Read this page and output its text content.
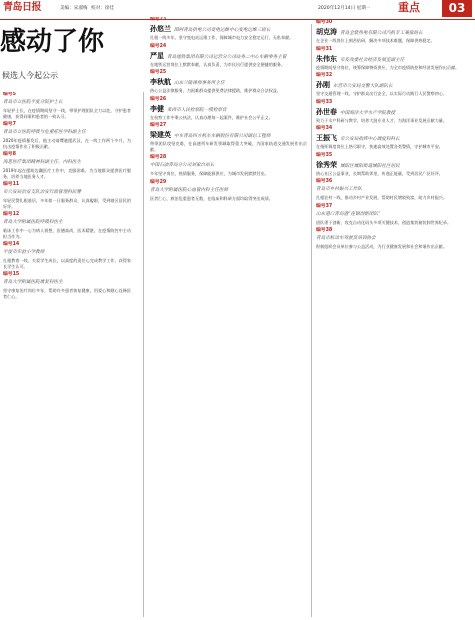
青岛日报	美编：宋淑梅 校对：徐佳	2020年12月14日 星期一	重点	03
感动了你
候选人今起公示
编号5
青岛市立医院平度分院护士长
年轻护士长，在疫情期间坚守一线，带领护理团队全力以赴，守护患者健康，获得同事和患者的一致认可。
编号7
青岛市立医院呼吸与危重症医学科副主任
2020年疫情暴发后，他主动请缨驰援武汉，在一线工作两个多月，为抗击疫情作出了积极贡献。
编号8
海思医疗集团精神科副主任、内科医生
2019年起在援助边疆医疗工作中，克服困难，为当地群众提供医疗服务，培养当地医务人才。
编号11
市公安局治安支队治安行政管理科民警
年轻民警扎根基层，多年如一日服务群众，认真履职，受到辖区居民的好评。
编号12
青岛大学附属医院呼吸科医生
临床工作中一心为病人着想，医德高尚，医术精湛，在疫情防控中主动担当作为。
编号14
平度市实验小学教师
扎根教育一线，关爱学生成长，以高度的责任心完成教学工作，获得家长学生认可。
编号15
青岛大学附属医院康复科医生
坚守康复治疗岗位多年，帮助许多患者恢复健康，用爱心和耐心诠释医者仁心。
编号23
孙悠兰 国网青岛供电公司变电运维中心变电运维三班长
扎根一线多年，坚守变电站运维工作，保障城市电力安全稳定运行，无私奉献。
编号24
严星 青岛地铁集团有限公司运营分公司站务二中心车辆事务主管
在地铁运营岗位上默默奉献，认真负责，为市民出行提供安全便捷的服务。
编号25
李秋航 山东兰陵律师事务所主任
热心公益法律服务，为困难群众提供免费法律援助，维护群众合法权益。
编号26
李健 莱西市人民检察院一级检察官
在检察工作中秉公执法，认真办理每一起案件，维护社会公平正义。
编号27
梁建英 中车青岛四方机车车辆股份有限公司副总工程师
带领团队攻坚克难，在高速列车研发领域取得重大突破，为国家轨道交通发展作出贡献。
编号28
中国石油青岛分公司刘家台站长
多年坚守岗位，热情服务，保障能源供应，为城市发展默默付出。
编号29
青岛大学附属医院心血管内科主任医师
医者仁心，救治危重患者无数，在临床和科研方面均取得突出成绩。
编号30
胡克涛 青岛全装热电有限公司汽机专工兼值班长
在企业一线岗位上刻苦钻研，解决多项技术难题，保障供热稳定。
编号31
朱伟东 市发改委社会经济发展室副主任
疫情期间坚守岗位，统筹保障物资供应，为全市疫情防控和经济发展作出贡献。
编号32
孙刚 东营市公安局交警大队副队长
坚守交通管理一线，守护群众出行安全，以实际行动践行人民警察初心。
编号33
孙世春 中国海洋大学水产学院教授
致力于水产科研与教学，培养大批专业人才，为海洋事业发展贡献力量。
编号34
王振飞 市公安局指挥中心调度科科长
在指挥调度岗位上恪尽职守，快速高效处置各类警情，守护城市平安。
编号35
徐秀荣 城阳区城阳街道城阳社区居民
热心社区公益事业，长期帮助邻里，传递正能量，受到居民广泛好评。
编号36
青岛市乡村振兴工作队
扎根农村一线，推动乡村产业发展，帮助村民增收致富，助力乡村振兴。
编号37
山东港口青岛港“连钢创新团队”
团队勇于创新，攻克自动化码头多项关键技术，创造集装箱装卸世界纪录。
编号38
青岛市机动车驾驶员培训协会
积极组织会员单位参与公益活动，为行业健康发展和社会和谐作出贡献。
